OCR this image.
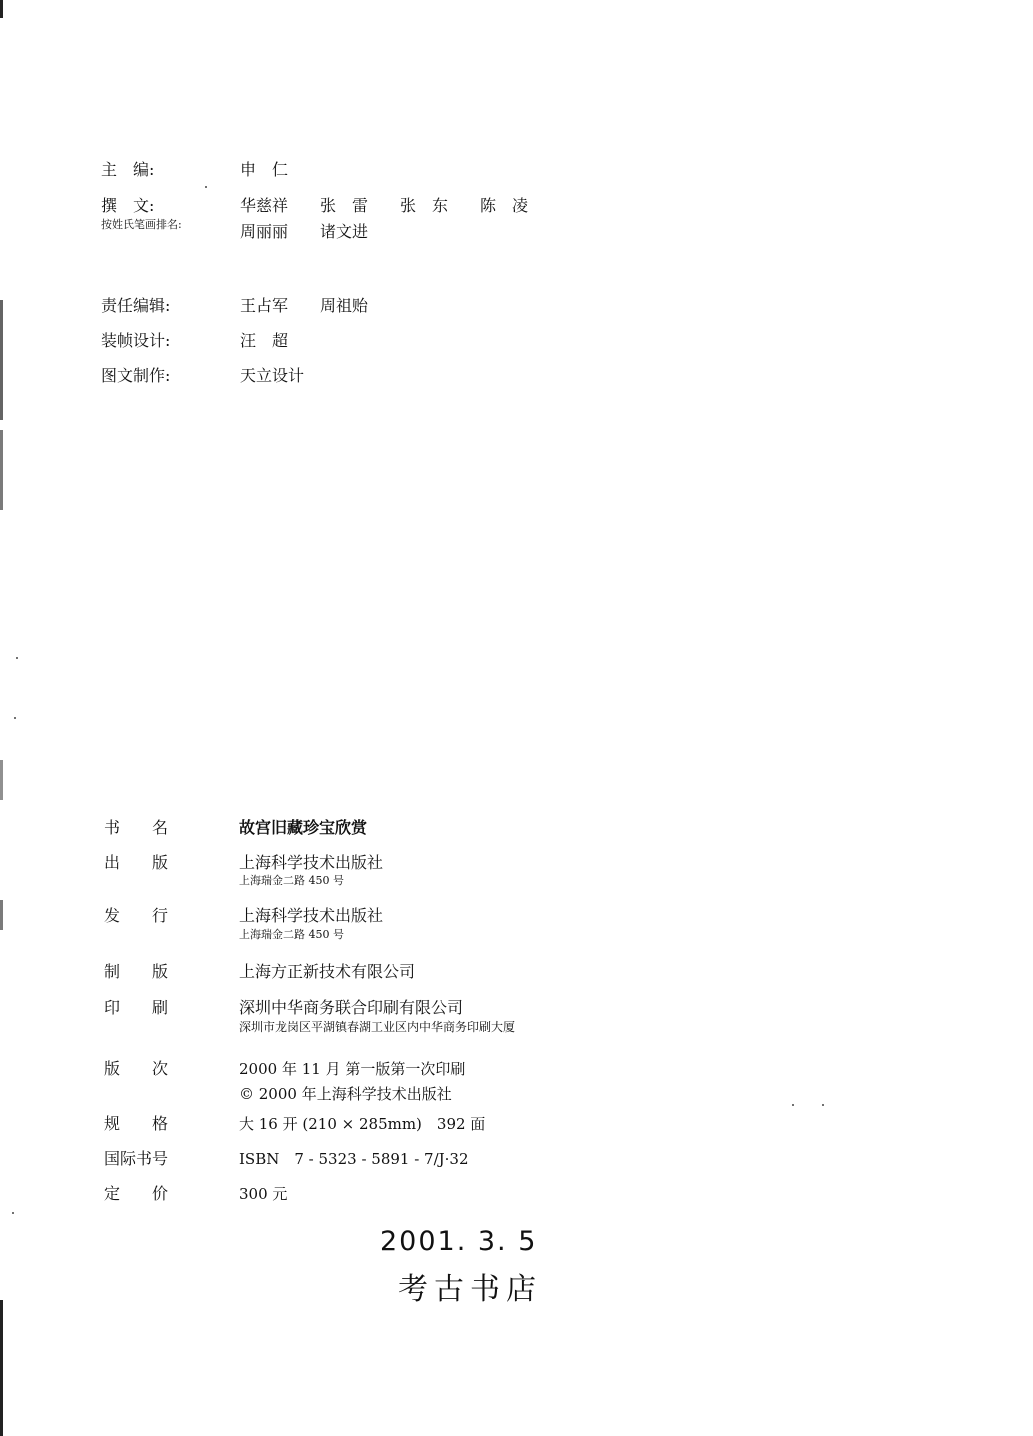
主　编:	申　仁
撰　文:	华慈祥　　张　雷　　张　东　　陈　凌
按姓氏笔画排名:	周丽丽　　诸文进
责任编辑:	王占军　　周祖贻
装帧设计:	汪　超
图文制作:	天立设计
书　　名	故宫旧藏珍宝欣赏
出　　版	上海科学技术出版社
上海瑞金二路 450 号
发　　行	上海科学技术出版社
上海瑞金二路 450 号
制　　版	上海方正新技术有限公司
印　　刷	深圳中华商务联合印刷有限公司
深圳市龙岗区平湖镇春湖工业区内中华商务印刷大厦
版　　次	2000 年 11 月 第一版第一次印刷
© 2000 年上海科学技术出版社
规　　格	大 16 开 (210 × 285mm)　392 面
国际书号	ISBN　7 - 5323 - 5891 - 7/J·32
定　　价	300 元
2001. 3. 5
考古书店
